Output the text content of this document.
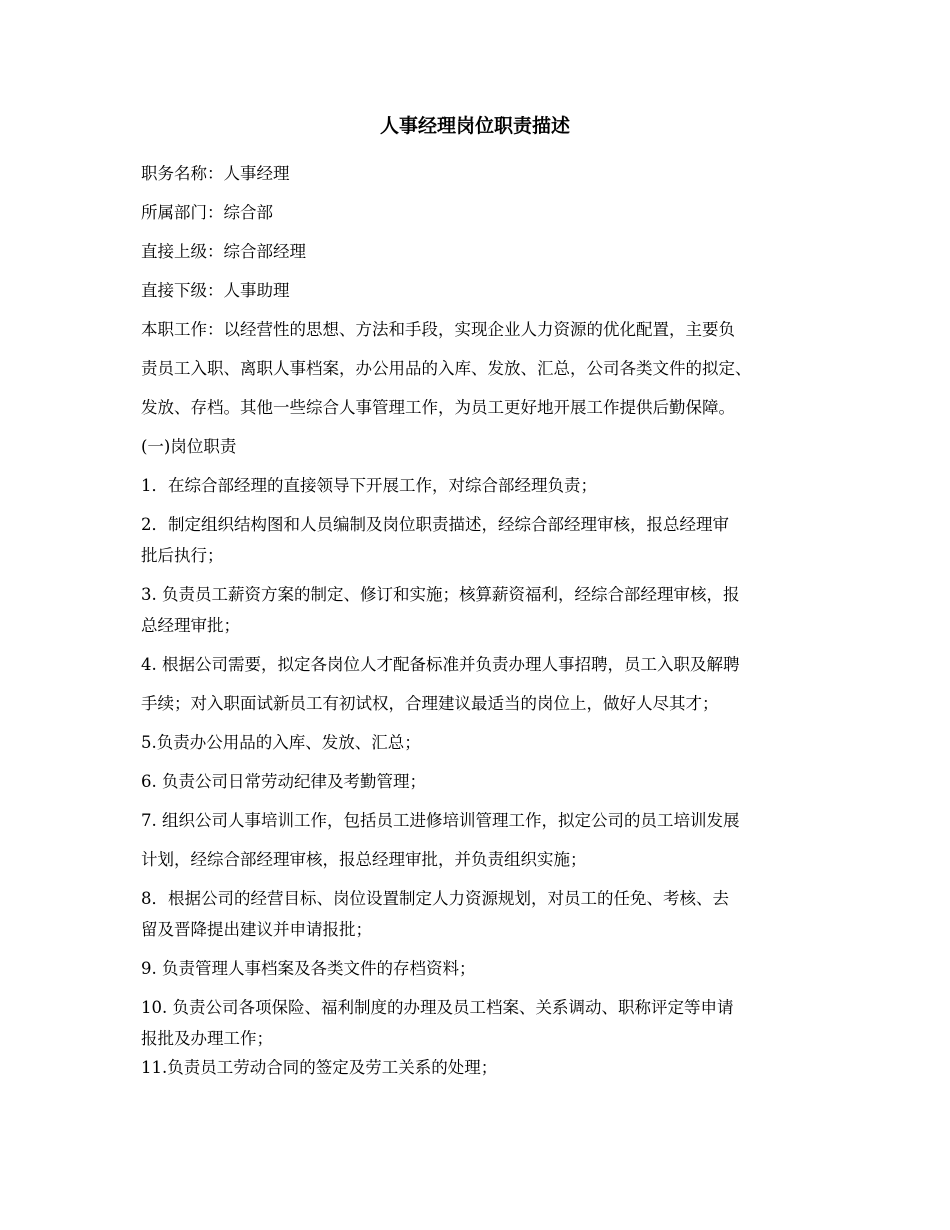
人事经理岗位职责描述
职务名称：人事经理
所属部门：综合部
直接上级：综合部经理
直接下级：人事助理
本职工作：以经营性的思想、方法和手段，实现企业人力资源的优化配置，主要负
责员工入职、离职人事档案，办公用品的入库、发放、汇总，公司各类文件的拟定、
发放、存档。其他一些综合人事管理工作，为员工更好地开展工作提供后勤保障。
(一)岗位职责
1．在综合部经理的直接领导下开展工作，对综合部经理负责；
2．制定组织结构图和人员编制及岗位职责描述，经综合部经理审核，报总经理审
批后执行；
3. 负责员工薪资方案的制定、修订和实施；核算薪资福利，经综合部经理审核，报
总经理审批；
4. 根据公司需要，拟定各岗位人才配备标准并负责办理人事招聘，员工入职及解聘
手续；对入职面试新员工有初试权，合理建议最适当的岗位上，做好人尽其才；
5.负责办公用品的入库、发放、汇总；
6. 负责公司日常劳动纪律及考勤管理；
7. 组织公司人事培训工作，包括员工进修培训管理工作，拟定公司的员工培训发展
计划，经综合部经理审核，报总经理审批，并负责组织实施；
8．根据公司的经营目标、岗位设置制定人力资源规划，对员工的任免、考核、去
留及晋降提出建议并申请报批；
9. 负责管理人事档案及各类文件的存档资料；
10. 负责公司各项保险、福利制度的办理及员工档案、关系调动、职称评定等申请
报批及办理工作；
11.负责员工劳动合同的签定及劳工关系的处理；
